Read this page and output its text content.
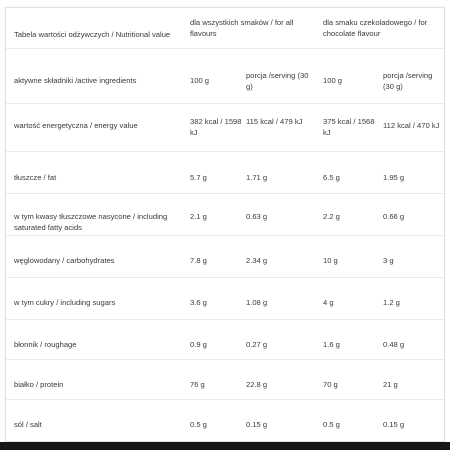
Tabela wartości odżywczych / Nutritional value	dla wszystkich smaków / for all flavours		dla smaku czekoladowego / for chocolate flavour	

aktywne składniki /active ingredients	100 g	porcja /serving (30 g)	100 g	porcja /serving (30 g)

wartość energetyczna / energy value	382 kcal / 1598 kJ	115 kcal / 479 kJ	375 kcal / 1568 kJ	112 kcal / 470 kJ

tłuszcze / fat	5.7 g	1.71 g	6.5 g	1.95 g

w tym kwasy tłuszczowe nasycone / including saturated fatty acids	2.1 g	0.63 g	2.2 g	0.66 g

węglowodany / carbohydrates	7.8 g	2.34 g	10 g	3 g

w tym cukry / including sugars	3.6 g	1.08 g	4 g	1.2 g

błonnik / roughage	0.9 g	0.27 g	1.6 g	0.48 g

białko / protein	76 g	22.8 g	70 g	21 g

sól / salt	0.5 g	0.15 g	0.5 g	0.15 g
